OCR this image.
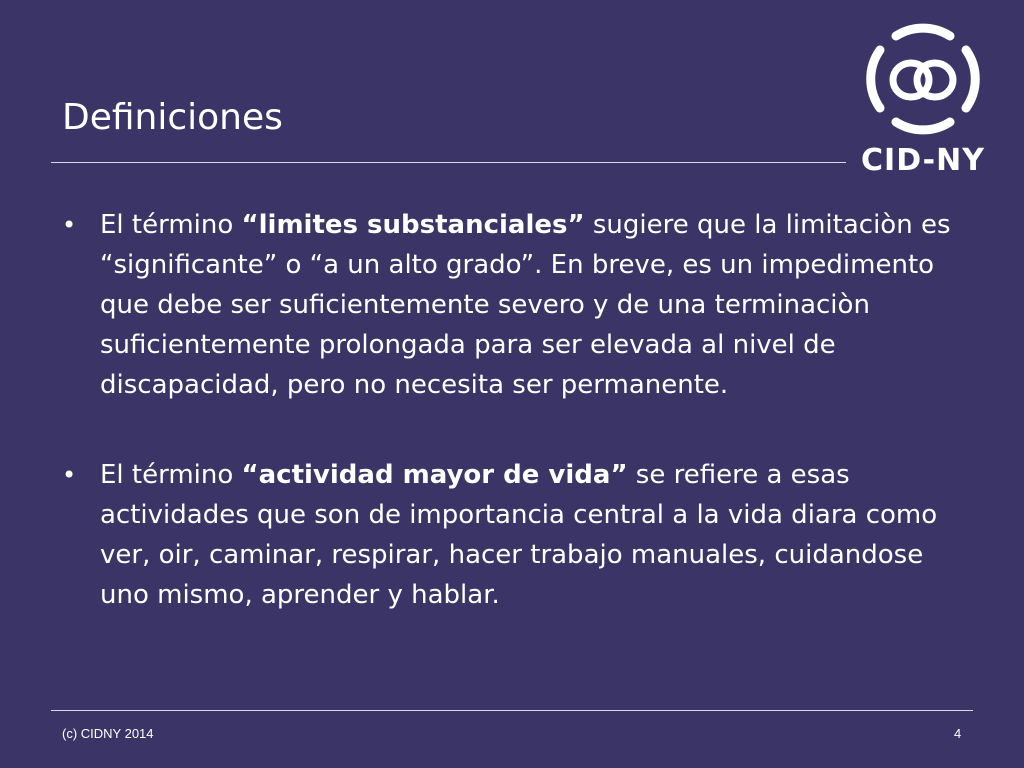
Definiciones
CID-NY

• El término “limites substanciales” sugiere que la limitaciòn es “significante” o “a un alto grado”. En breve, es un impedimento que debe ser suficientemente severo y de una terminaciòn suficientemente prolongada para ser elevada al nivel de discapacidad, pero no necesita ser permanente.

• El término “actividad mayor de vida” se refiere a esas actividades que son de importancia central a la vida diara como ver, oir, caminar, respirar, hacer trabajo manuales, cuidandose uno mismo, aprender y hablar.

(c) CIDNY 2014	4
